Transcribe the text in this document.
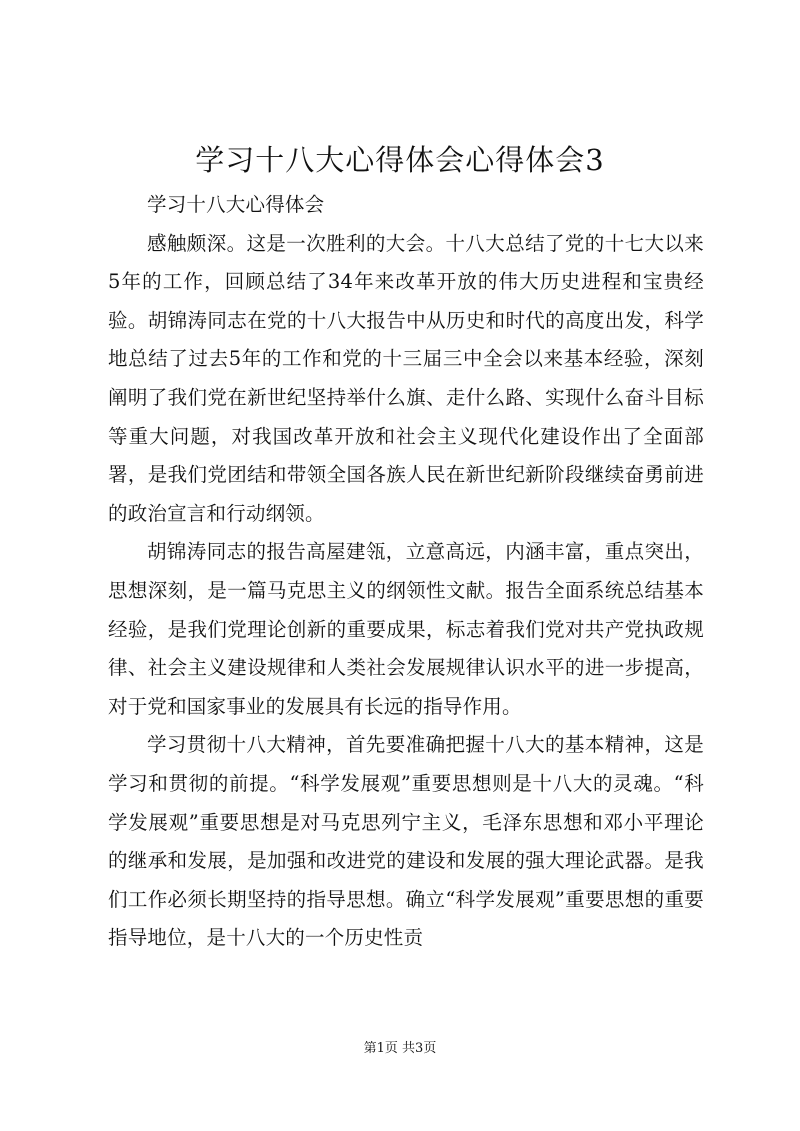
学习十八大心得体会心得体会3

学习十八大心得体会

感触颇深。这是一次胜利的大会。十八大总结了党的十七大以来5年的工作，回顾总结了34年来改革开放的伟大历史进程和宝贵经验。胡锦涛同志在党的十八大报告中从历史和时代的高度出发，科学地总结了过去5年的工作和党的十三届三中全会以来基本经验，深刻阐明了我们党在新世纪坚持举什么旗、走什么路、实现什么奋斗目标等重大问题，对我国改革开放和社会主义现代化建设作出了全面部署，是我们党团结和带领全国各族人民在新世纪新阶段继续奋勇前进的政治宣言和行动纲领。

胡锦涛同志的报告高屋建瓴，立意高远，内涵丰富，重点突出，思想深刻，是一篇马克思主义的纲领性文献。报告全面系统总结基本经验，是我们党理论创新的重要成果，标志着我们党对共产党执政规律、社会主义建设规律和人类社会发展规律认识水平的进一步提高，对于党和国家事业的发展具有长远的指导作用。

学习贯彻十八大精神，首先要准确把握十八大的基本精神，这是学习和贯彻的前提。“科学发展观”重要思想则是十八大的灵魂。“科学发展观”重要思想是对马克思列宁主义，毛泽东思想和邓小平理论的继承和发展，是加强和改进党的建设和发展的强大理论武器。是我们工作必须长期坚持的指导思想。确立“科学发展观”重要思想的重要指导地位，是十八大的一个历史性贡

第1页 共3页
